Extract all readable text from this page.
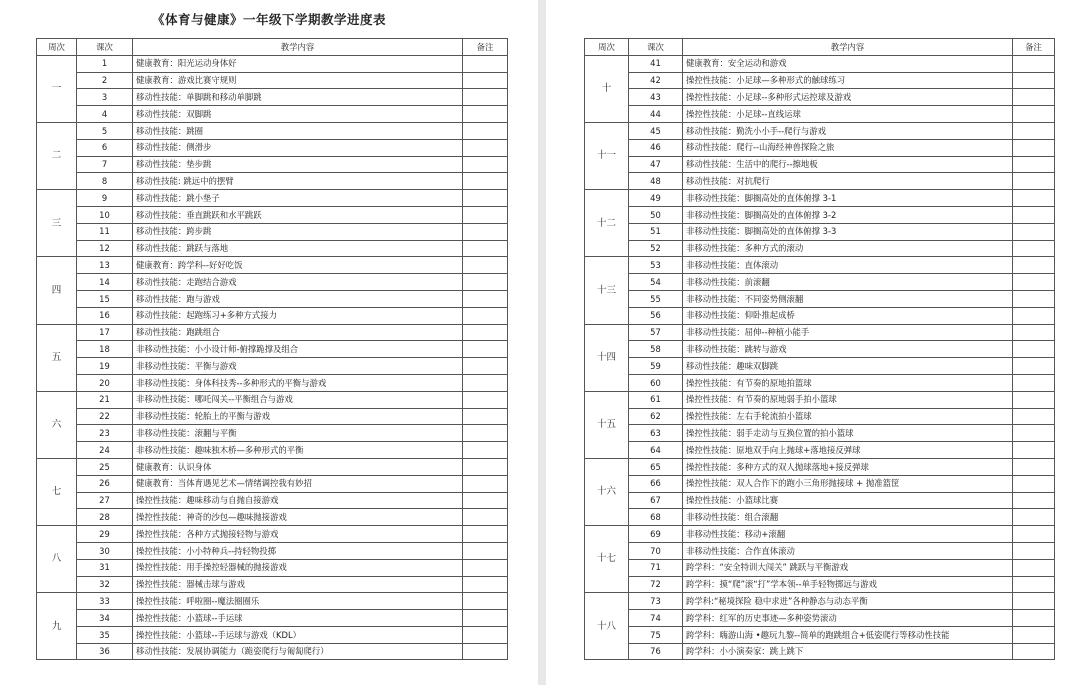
《体育与健康》一年级下学期教学进度表
周次	课次	教学内容	备注
一	1	健康教育：阳光运动身体好	
	2	健康教育：游戏比赛守规则	
	3	移动性技能：单脚跳和移动单脚跳	
	4	移动性技能：双脚跳	
二	5	移动性技能：跳圈	
	6	移动性技能：侧滑步	
	7	移动性技能：垫步跳	
	8	移动性技能: 跳远中的摆臂	
三	9	移动性技能：跳小垫子	
	10	移动性技能：垂直跳跃和水平跳跃	
	11	移动性技能：跨步跳	
	12	移动性技能：跳跃与落地	
四	13	健康教育：跨学科--好好吃饭	
	14	移动性技能：走跑结合游戏	
	15	移动性技能：跑与游戏	
	16	移动性技能：起跑练习+多种方式接力	
五	17	移动性技能：跑跳组合	
	18	非移动性技能：小小设计师-俯撑跪撑及组合	
	19	非移动性技能：平衡与游戏	
	20	非移动性技能：身体科技秀--多种形式的平衡与游戏	
六	21	非移动性技能：哪吒闯关--平衡组合与游戏	
	22	非移动性技能：轮胎上的平衡与游戏	
	23	非移动性技能：滚翻与平衡	
	24	非移动性技能：趣味独木桥—多种形式的平衡	
七	25	健康教育：认识身体	
	26	健康教育：当体育遇见艺术—情绪调控我有妙招	
	27	操控性技能：趣味移动与自抛自接游戏	
	28	操控性技能：神奇的沙包—趣味抛接游戏	
八	29	操控性技能：各种方式抛接轻物与游戏	
	30	操控性技能：小小特种兵--持轻物投掷	
	31	操控性技能：用手操控轻器械的抛接游戏	
	32	操控性技能：器械击球与游戏	
九	33	操控性技能：呼啦圈--魔法圈圈乐	
	34	操控性技能：小篮球--手运球	
	35	操控性技能：小篮球--手运球与游戏（KDL）	
	36	移动性技能：发展协调能力（跪姿爬行与匍匐爬行）	
周次	课次	教学内容	备注
十	41	健康教育：安全运动和游戏	
	42	操控性技能：小足球—多种形式的触球练习	
	43	操控性技能：小足球--多种形式运控球及游戏	
	44	操控性技能：小足球--直线运球	
十一	45	移动性技能：勤洗小小手--爬行与游戏	
	46	移动性技能：爬行--山海经神兽探险之旅	
	47	移动性技能：生活中的爬行--擦地板	
	48	移动性技能：对抗爬行	
十二	49	非移动性技能：脚搁高处的直体俯撑 3-1	
	50	非移动性技能：脚搁高处的直体俯撑 3-2	
	51	非移动性技能：脚搁高处的直体俯撑 3-3	
	52	非移动性技能：多种方式的滚动	
十三	53	非移动性技能：直体滚动	
	54	非移动性技能：前滚翻	
	55	非移动性技能：不同姿势侧滚翻	
	56	非移动性技能：仰卧推起成桥	
十四	57	非移动性技能：屈伸--种植小能手	
	58	非移动性技能：跳转与游戏	
	59	移动性技能：趣味双脚跳	
	60	操控性技能：有节奏的原地拍篮球	
十五	61	操控性技能：有节奏的原地弱手拍小篮球	
	62	操控性技能：左右手轮流拍小篮球	
	63	操控性技能：弱手走动与互换位置的拍小篮球	
	64	操控性技能：原地双手向上抛球+落地接反弹球	
十六	65	操控性技能：多种方式的双人抛球落地+接反弹球	
	66	操控性技能：双人合作下的跑小三角形抛接球 + 抛准篮筐	
	67	操控性技能：小篮球比赛	
	68	非移动性技能：组合滚翻	
十七	69	非移动性技能：移动+滚翻	
	70	非移动性技能：合作直体滚动	
	71	跨学科：“安全特训大闯关” 跳跃与平衡游戏	
	72	跨学科：摸“爬”滚“打”学本领--单手轻物掷远与游戏	
十八	73	跨学科:“秘境探险 稳中求进”各种静态与动态平衡	
	74	跨学科：红军的历史事迹—多种姿势滚动	
	75	跨学科：嗨游山海 •趣玩九黎--简单的跑跳组合+低姿爬行等移动性技能	
	76	跨学科：小小演奏家：跳上跳下	
